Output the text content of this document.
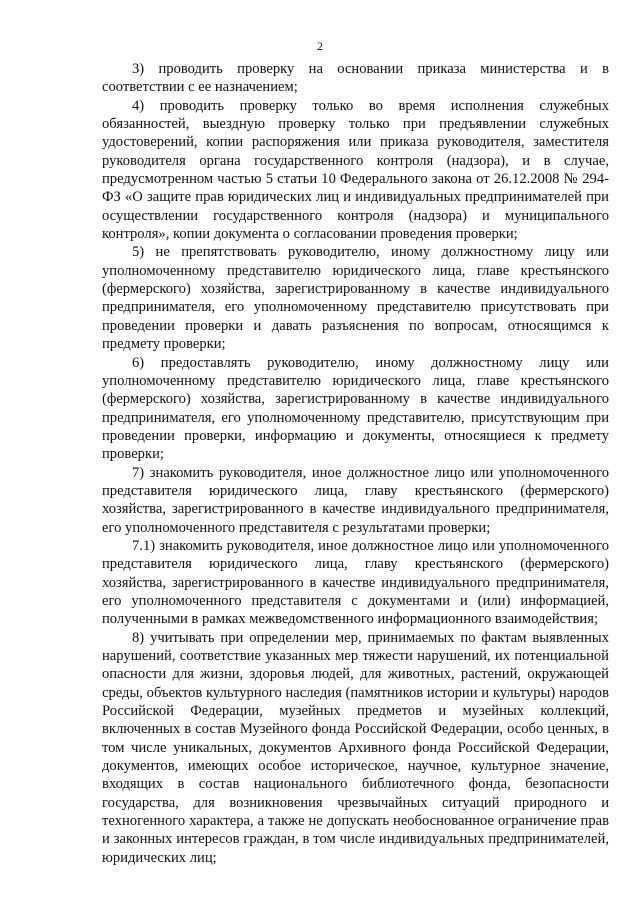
2

3) проводить проверку на основании приказа министерства и в соответствии с ее назначением;

4) проводить проверку только во время исполнения служебных обязанностей, выездную проверку только при предъявлении служебных удостоверений, копии распоряжения или приказа руководителя, заместителя руководителя органа государственного контроля (надзора), и в случае, предусмотренном частью 5 статьи 10 Федерального закона от 26.12.2008 № 294-ФЗ «О защите прав юридических лиц и индивидуальных предпринимателей при осуществлении государственного контроля (надзора) и муниципального контроля», копии документа о согласовании проведения проверки;

5) не препятствовать руководителю, иному должностному лицу или уполномоченному представителю юридического лица, главе крестьянского (фермерского) хозяйства, зарегистрированному в качестве индивидуального предпринимателя, его уполномоченному представителю присутствовать при проведении проверки и давать разъяснения по вопросам, относящимся к предмету проверки;

6) предоставлять руководителю, иному должностному лицу или уполномоченному представителю юридического лица, главе крестьянского (фермерского) хозяйства, зарегистрированному в качестве индивидуального предпринимателя, его уполномоченному представителю, присутствующим при проведении проверки, информацию и документы, относящиеся к предмету проверки;

7) знакомить руководителя, иное должностное лицо или уполномоченного представителя юридического лица, главу крестьянского (фермерского) хозяйства, зарегистрированного в качестве индивидуального предпринимателя, его уполномоченного представителя с результатами проверки;

7.1) знакомить руководителя, иное должностное лицо или уполномоченного представителя юридического лица, главу крестьянского (фермерского) хозяйства, зарегистрированного в качестве индивидуального предпринимателя, его уполномоченного представителя с документами и (или) информацией, полученными в рамках межведомственного информационного взаимодействия;

8) учитывать при определении мер, принимаемых по фактам выявленных нарушений, соответствие указанных мер тяжести нарушений, их потенциальной опасности для жизни, здоровья людей, для животных, растений, окружающей среды, объектов культурного наследия (памятников истории и культуры) народов Российской Федерации, музейных предметов и музейных коллекций, включенных в состав Музейного фонда Российской Федерации, особо ценных, в том числе уникальных, документов Архивного фонда Российской Федерации, документов, имеющих особое историческое, научное, культурное значение, входящих в состав национального библиотечного фонда, безопасности государства, для возникновения чрезвычайных ситуаций природного и техногенного характера, а также не допускать необоснованное ограничение прав и законных интересов граждан, в том числе индивидуальных предпринимателей, юридических лиц;
